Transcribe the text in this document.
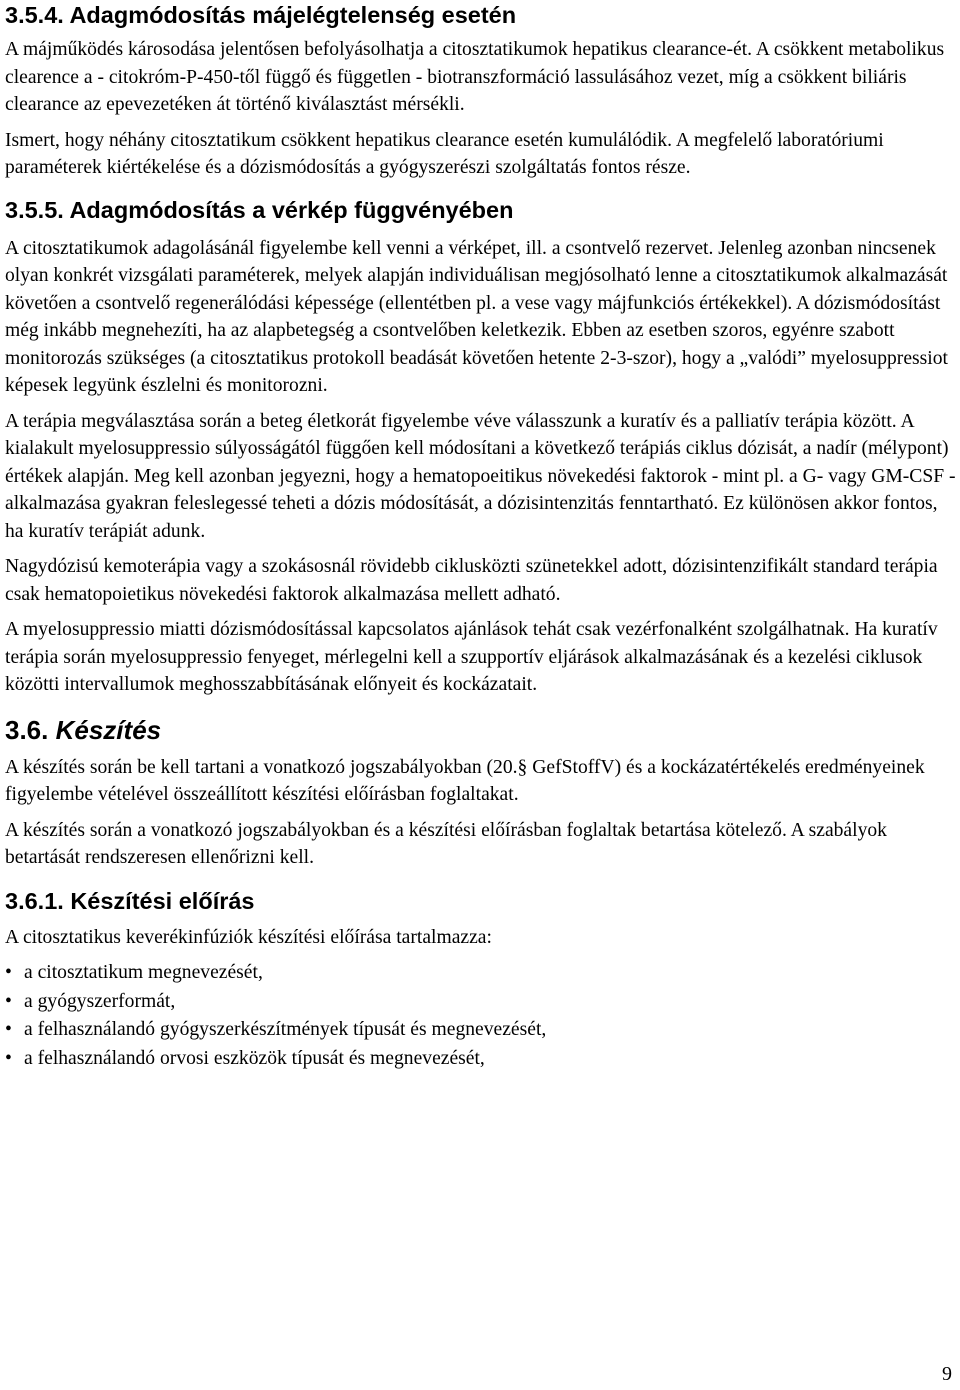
3.5.4. Adagmódosítás májelégtelenség esetén

A májműködés károsodása jelentősen befolyásolhatja a citosztatikumok hepatikus clearance-ét. A csökkent metabolikus clearence a - citokróm-P-450-től függő és független - biotranszformáció lassulásához vezet, míg a csökkent biliáris clearance az epevezetéken át történő kiválasztást mérsékli.

Ismert, hogy néhány citosztatikum csökkent hepatikus clearance esetén kumulálódik. A megfelelő laboratóriumi paraméterek kiértékelése és a dózismódosítás a gyógyszerészi szolgáltatás fontos része.

3.5.5. Adagmódosítás a vérkép függvényében

A citosztatikumok adagolásánál figyelembe kell venni a vérképet, ill. a csontvelő rezervet. Jelenleg azonban nincsenek olyan konkrét vizsgálati paraméterek, melyek alapján individuálisan megjósolható lenne a citosztatikumok alkalmazását követően a csontvelő regenerálódási képessége (ellentétben pl. a vese vagy májfunkciós értékekkel). A dózismódosítást még inkább megnehezíti, ha az alapbetegség a csontvelőben keletkezik. Ebben az esetben szoros, egyénre szabott monitorozás szükséges (a citosztatikus protokoll beadását követően hetente 2-3-szor), hogy a „valódi” myelosuppressiot képesek legyünk észlelni és monitorozni.

A terápia megválasztása során a beteg életkorát figyelembe véve válasszunk a kuratív és a palliatív terápia között. A kialakult myelosuppressio súlyosságától függően kell módosítani a következő terápiás ciklus dózisát, a nadír (mélypont) értékek alapján. Meg kell azonban jegyezni, hogy a hematopoeitikus növekedési faktorok - mint pl. a G- vagy GM-CSF - alkalmazása gyakran feleslegessé teheti a dózis módosítását, a dózisintenzitás fenntartható. Ez különösen akkor fontos, ha kuratív terápiát adunk.

Nagydózisú kemoterápia vagy a szokásosnál rövidebb ciklusközti szünetekkel adott, dózisintenzifikált standard terápia csak hematopoietikus növekedési faktorok alkalmazása mellett adható.

A myelosuppressio miatti dózismódosítással kapcsolatos ajánlások tehát csak vezérfonalként szolgálhatnak. Ha kuratív terápia során myelosuppressio fenyeget, mérlegelni kell a szupportív eljárások alkalmazásának és a kezelési ciklusok közötti intervallumok meghosszabbításának előnyeit és kockázatait.

3.6. Készítés

A készítés során be kell tartani a vonatkozó jogszabályokban (20.§ GefStoffV) és a kockázatértékelés eredményeinek figyelembe vételével összeállított készítési előírásban foglaltakat.

A készítés során a vonatkozó jogszabályokban és a készítési előírásban foglaltak betartása kötelező. A szabályok betartását rendszeresen ellenőrizni kell.

3.6.1. Készítési előírás

A citosztatikus keverékinfúziók készítési előírása tartalmazza:

• a citosztatikum megnevezését,
• a gyógyszerformát,
• a felhasználandó gyógyszerkészítmények típusát és megnevezését,
• a felhasználandó orvosi eszközök típusát és megnevezését,
9
